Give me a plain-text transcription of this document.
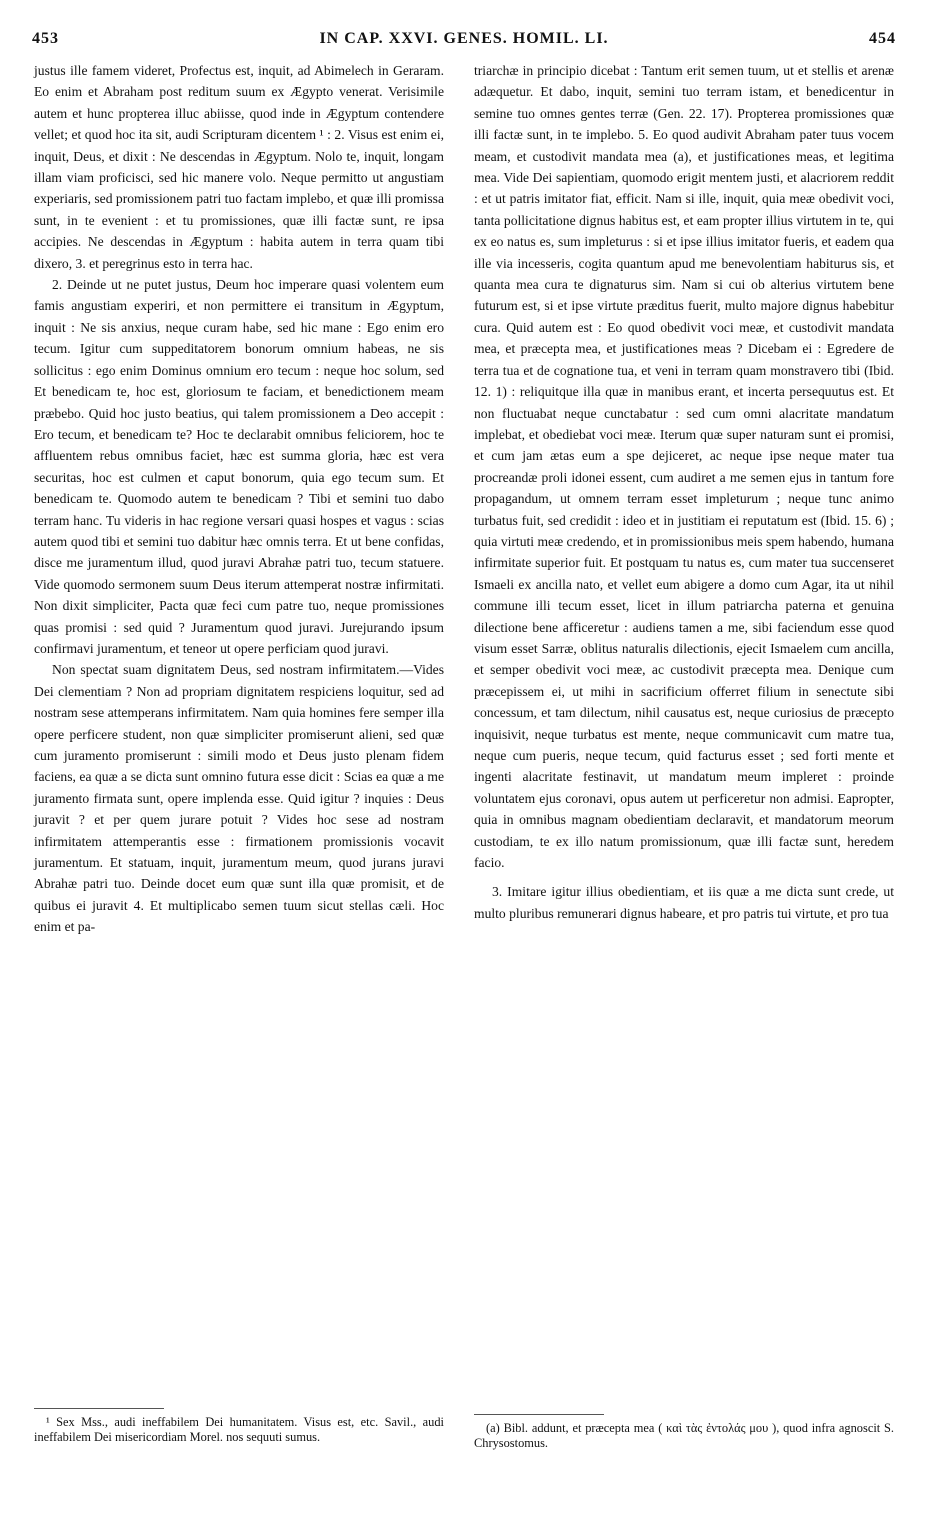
453	IN CAP. XXVI. GENES. HOMIL. LI.	454

justus ille famem videret, Profectus est, inquit, ad Abimelech in Geraram. Eo enim et Abraham post reditum suum ex Ægypto venerat. Verisimile autem et hunc propterea illuc abiisse, quod inde in Ægyptum contendere vellet; et quod hoc ita sit, audi Scripturam dicentem ¹ : 2. Visus est enim ei, inquit, Deus, et dixit : Ne descendas in Ægyptum. Nolo te, inquit, longam illam viam proficisci, sed hic manere volo. Neque permitto ut angustiam experiaris, sed promissionem patri tuo factam implebo, et quæ illi promissa sunt, in te evenient : et tu promissiones, quæ illi factæ sunt, re ipsa accipies. Ne descendas in Ægyptum : habita autem in terra quam tibi dixero, 3. et peregrinus esto in terra hac.

2. Deinde ut ne putet justus, Deum hoc imperare quasi volentem eum famis angustiam experiri, et non permittere ei transitum in Ægyptum, inquit : Ne sis anxius, neque curam habe, sed hic mane : Ego enim ero tecum. Igitur cum suppeditatorem bonorum omnium habeas, ne sis sollicitus : ego enim Dominus omnium ero tecum : neque hoc solum, sed Et benedicam te, hoc est, gloriosum te faciam, et benedictionem meam præbebo. Quid hoc justo beatius, qui talem promissionem a Deo accepit : Ero tecum, et benedicam te? Hoc te declarabit omnibus feliciorem, hoc te affluentem rebus omnibus faciet, hæc est summa gloria, hæc est vera securitas, hoc est culmen et caput bonorum, quia ego tecum sum. Et benedicam te. Quomodo autem te benedicam ? Tibi et semini tuo dabo terram hanc. Tu videris in hac regione versari quasi hospes et vagus : scias autem quod tibi et semini tuo dabitur hæc omnis terra. Et ut bene confidas, disce me juramentum illud, quod juravi Abrahæ patri tuo, tecum statuere. Vide quomodo sermonem suum Deus iterum attemperat nostræ infirmitati. Non dixit simpliciter, Pacta quæ feci cum patre tuo, neque promissiones quas promisi : sed quid ? Juramentum quod juravi. Jurejurando ipsum confirmavi juramentum, et teneor ut opere perficiam quod juravi.

Non spectat suam dignitatem Deus, sed nostram infirmitatem.—Vides Dei clementiam ? Non ad propriam dignitatem respiciens loquitur, sed ad nostram sese attemperans infirmitatem. Nam quia homines fere semper illa opere perficere student, non quæ simpliciter promiserunt alieni, sed quæ cum juramento promiserunt : simili modo et Deus justo plenam fidem faciens, ea quæ a se dicta sunt omnino futura esse dicit : Scias ea quæ a me juramento firmata sunt, opere implenda esse. Quid igitur ? inquies : Deus juravit ? et per quem jurare potuit ? Vides hoc sese ad nostram infirmitatem attemperantis esse : firmationem promissionis vocavit juramentum. Et statuam, inquit, juramentum meum, quod jurans juravi Abrahæ patri tuo. Deinde docet eum quæ sunt illa quæ promisit, et de quibus ei juravit 4. Et multiplicabo semen tuum sicut stellas cæli. Hoc enim et pa-

¹ Sex Mss., audi ineffabilem Dei humanitatem. Visus est, etc. Savil., audi ineffabilem Dei misericordiam Morel. nos sequuti sumus.

triarchæ in principio dicebat : Tantum erit semen tuum, ut et stellis et arenæ adæquetur. Et dabo, inquit, semini tuo terram istam, et benedicentur in semine tuo omnes gentes terræ (Gen. 22. 17). Propterea promissiones quæ illi factæ sunt, in te implebo. 5. Eo quod audivit Abraham pater tuus vocem meam, et custodivit mandata mea (a), et justificationes meas, et legitima mea. Vide Dei sapientiam, quomodo erigit mentem justi, et alacriorem reddit : et ut patris imitator fiat, efficit. Nam si ille, inquit, quia meæ obedivit voci, tanta pollicitatione dignus habitus est, et eam propter illius virtutem in te, qui ex eo natus es, sum impleturus : si et ipse illius imitator fueris, et eadem qua ille via incesseris, cogita quantum apud me benevolentiam habiturus sis, et quanta mea cura te dignaturus sim. Nam si cui ob alterius virtutem bene futurum est, si et ipse virtute præditus fuerit, multo majore dignus habebitur cura. Quid autem est : Eo quod obedivit voci meæ, et custodivit mandata mea, et præcepta mea, et justificationes meas ? Dicebam ei : Egredere de terra tua et de cognatione tua, et veni in terram quam monstravero tibi (Ibid. 12. 1) : reliquitque illa quæ in manibus erant, et incerta persequutus est. Et non fluctuabat neque cunctabatur : sed cum omni alacritate mandatum implebat, et obediebat voci meæ. Iterum quæ super naturam sunt ei promisi, et cum jam ætas eum a spe dejiceret, ac neque ipse neque mater tua procreandæ proli idonei essent, cum audiret a me semen ejus in tantum fore propagandum, ut omnem terram esset impleturum ; neque tunc animo turbatus fuit, sed credidit : ideo et in justitiam ei reputatum est (Ibid. 15. 6) ; quia virtuti meæ credendo, et in promissionibus meis spem habendo, humana infirmitate superior fuit. Et postquam tu natus es, cum mater tua succenseret Ismaeli ex ancilla nato, et vellet eum abigere a domo cum Agar, ita ut nihil commune illi tecum esset, licet in illum patriarcha paterna et genuina dilectione bene afficeretur : audiens tamen a me, sibi faciendum esse quod visum esset Sarræ, oblitus naturalis dilectionis, ejecit Ismaelem cum ancilla, et semper obedivit voci meæ, ac custodivit præcepta mea. Denique cum præcepissem ei, ut mihi in sacrificium offerret filium in senectute sibi concessum, et tam dilectum, nihil causatus est, neque curiosius de præcepto inquisivit, neque turbatus est mente, neque communicavit cum matre tua, neque cum pueris, neque tecum, quid facturus esset ; sed forti mente et ingenti alacritate festinavit, ut mandatum meum impleret : proinde voluntatem ejus coronavi, opus autem ut perficeretur non admisi. Eapropter, quia in omnibus magnam obedientiam declaravit, et mandatorum meorum custodiam, te ex illo natum promissionum, quæ illi factæ sunt, heredem facio.

3. Imitare igitur illius obedientiam, et iis quæ a me dicta sunt crede, ut multo pluribus remunerari dignus habeare, et pro patris tui virtute, et pro tua

(a) Bibl. addunt, et præcepta mea ( καὶ τὰς ἐντολάς μου ), quod infra agnoscit S. Chrysostomus.
